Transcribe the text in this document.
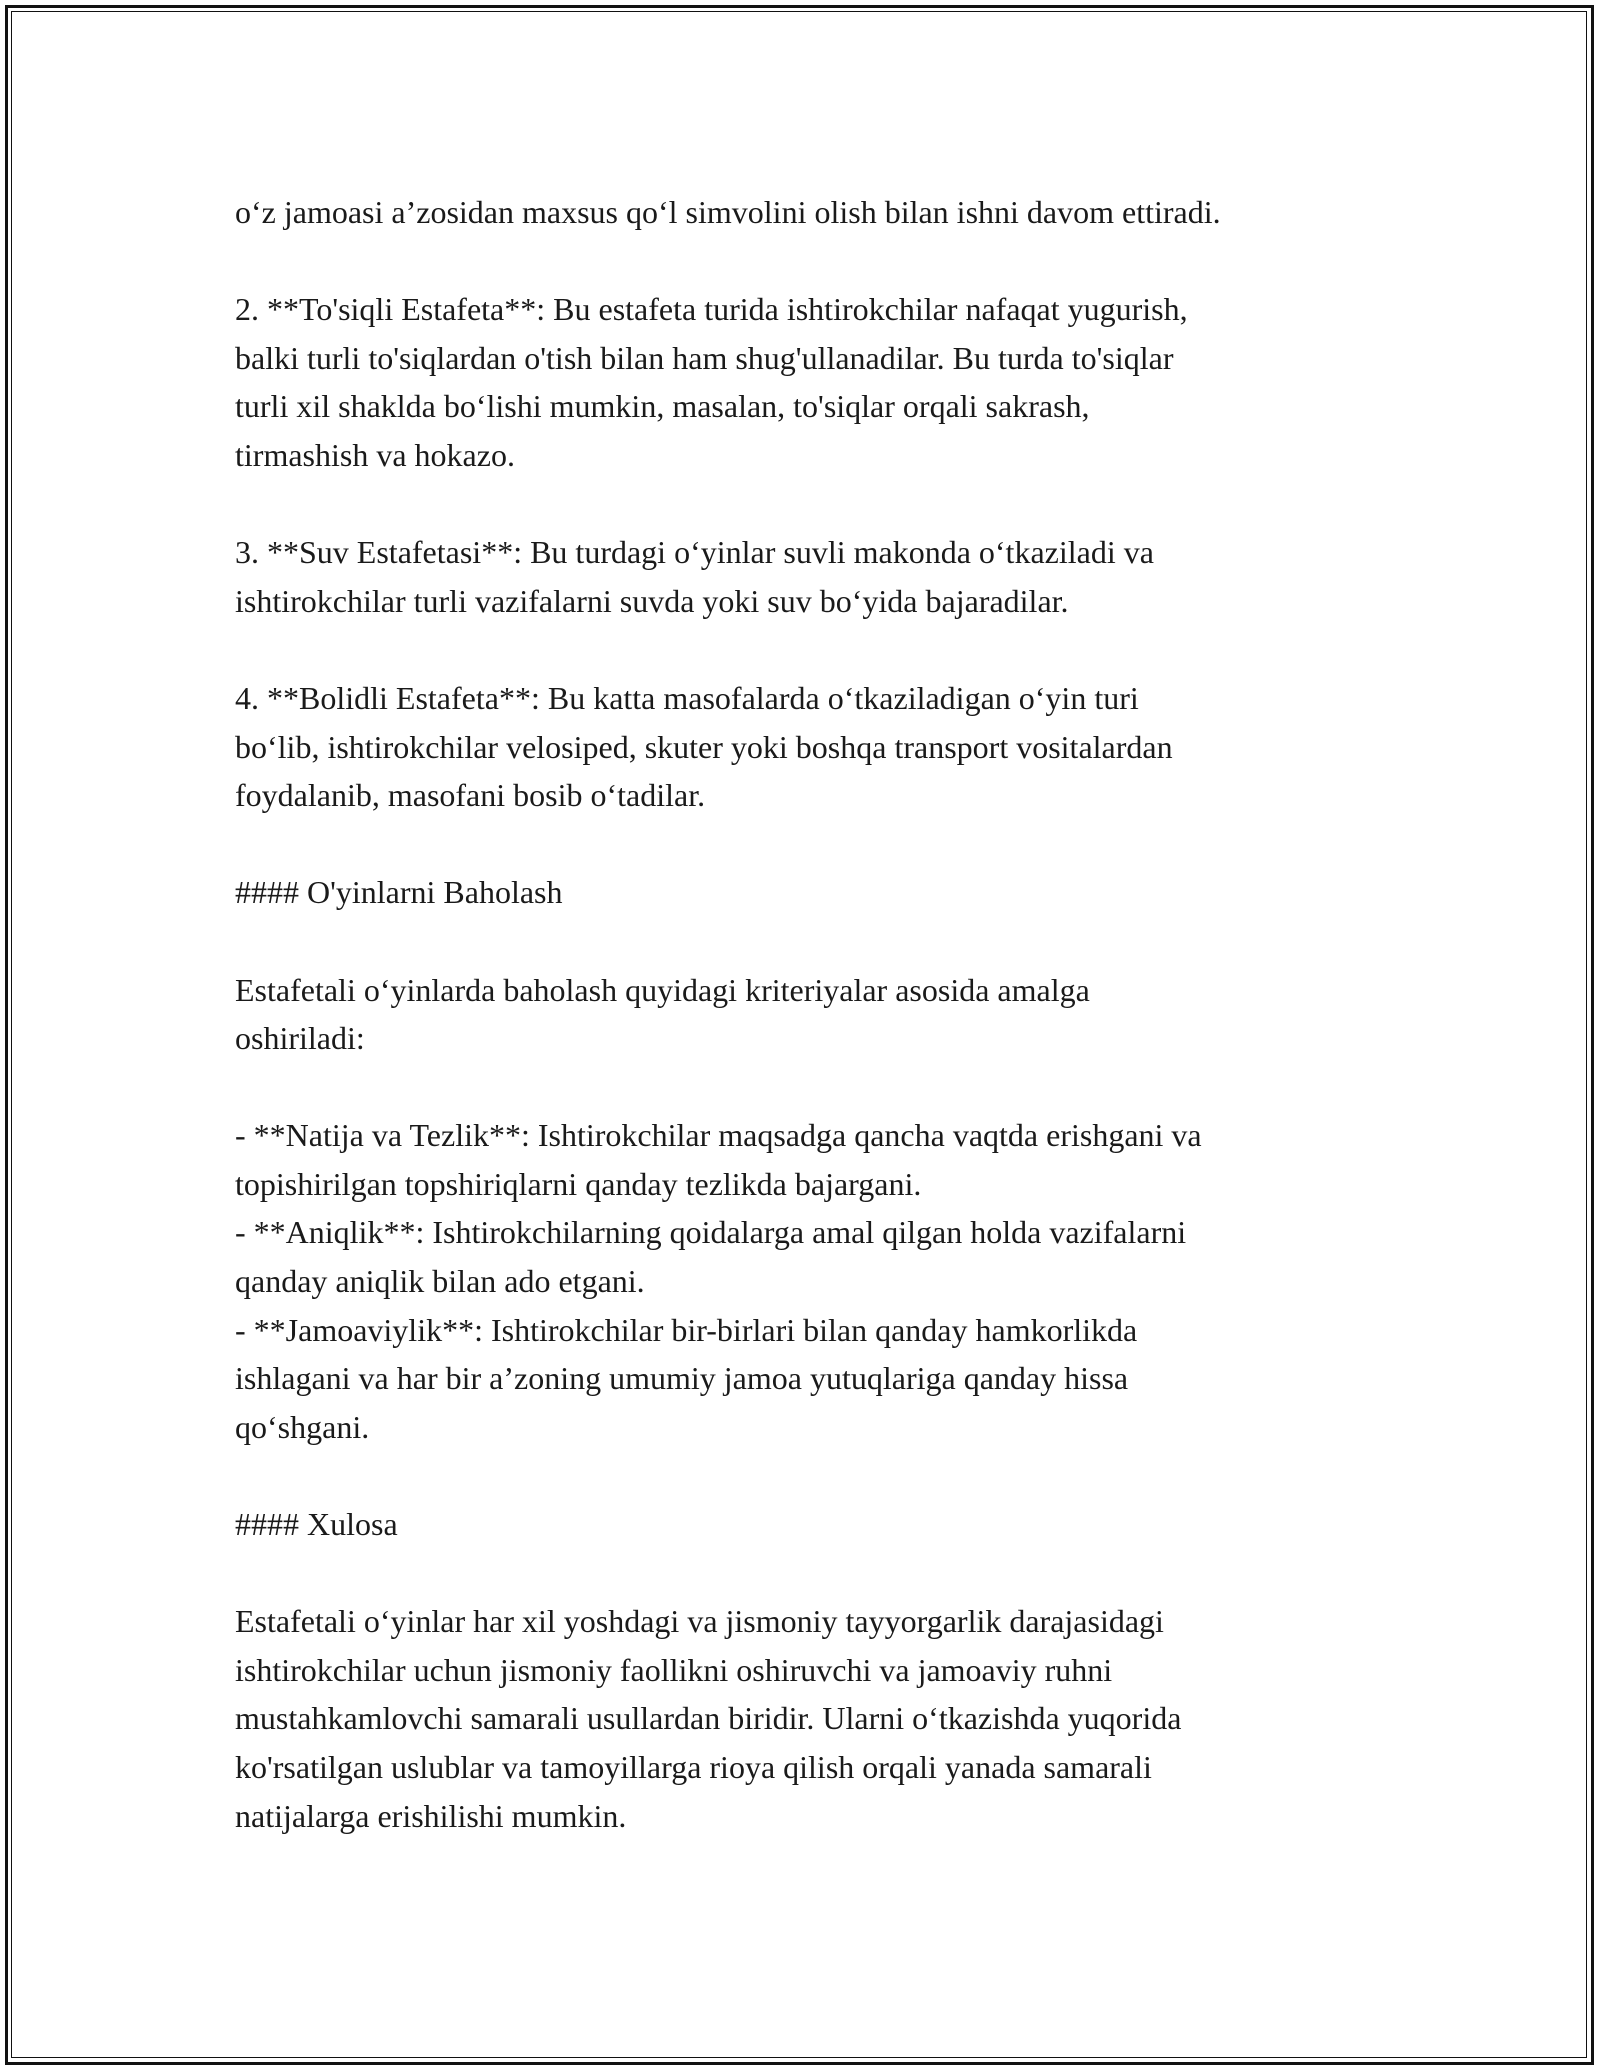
o‘z jamoasi a’zosidan maxsus qo‘l simvolini olish bilan ishni davom ettiradi.

2. **To'siqli Estafeta**: Bu estafeta turida ishtirokchilar nafaqat yugurish,
balki turli to'siqlardan o'tish bilan ham shug'ullanadilar. Bu turda to'siqlar
turli xil shaklda bo‘lishi mumkin, masalan, to'siqlar orqali sakrash,
tirmashish va hokazo.

3. **Suv Estafetasi**: Bu turdagi o‘yinlar suvli makonda o‘tkaziladi va
ishtirokchilar turli vazifalarni suvda yoki suv bo‘yida bajaradilar.

4. **Bolidli Estafeta**: Bu katta masofalarda o‘tkaziladigan o‘yin turi
bo‘lib, ishtirokchilar velosiped, skuter yoki boshqa transport vositalardan
foydalanib, masofani bosib o‘tadilar.

#### O'yinlarni Baholash

Estafetali o‘yinlarda baholash quyidagi kriteriyalar asosida amalga
oshiriladi:

- **Natija va Tezlik**: Ishtirokchilar maqsadga qancha vaqtda erishgani va
topishirilgan topshiriqlarni qanday tezlikda bajargani.
- **Aniqlik**: Ishtirokchilarning qoidalarga amal qilgan holda vazifalarni
qanday aniqlik bilan ado etgani.
- **Jamoaviylik**: Ishtirokchilar bir-birlari bilan qanday hamkorlikda
ishlagani va har bir a’zoning umumiy jamoa yutuqlariga qanday hissa
qo‘shgani.

#### Xulosa

Estafetali o‘yinlar har xil yoshdagi va jismoniy tayyorgarlik darajasidagi
ishtirokchilar uchun jismoniy faollikni oshiruvchi va jamoaviy ruhni
mustahkamlovchi samarali usullardan biridir. Ularni o‘tkazishda yuqorida
ko'rsatilgan uslublar va tamoyillarga rioya qilish orqali yanada samarali
natijalarga erishilishi mumkin.
